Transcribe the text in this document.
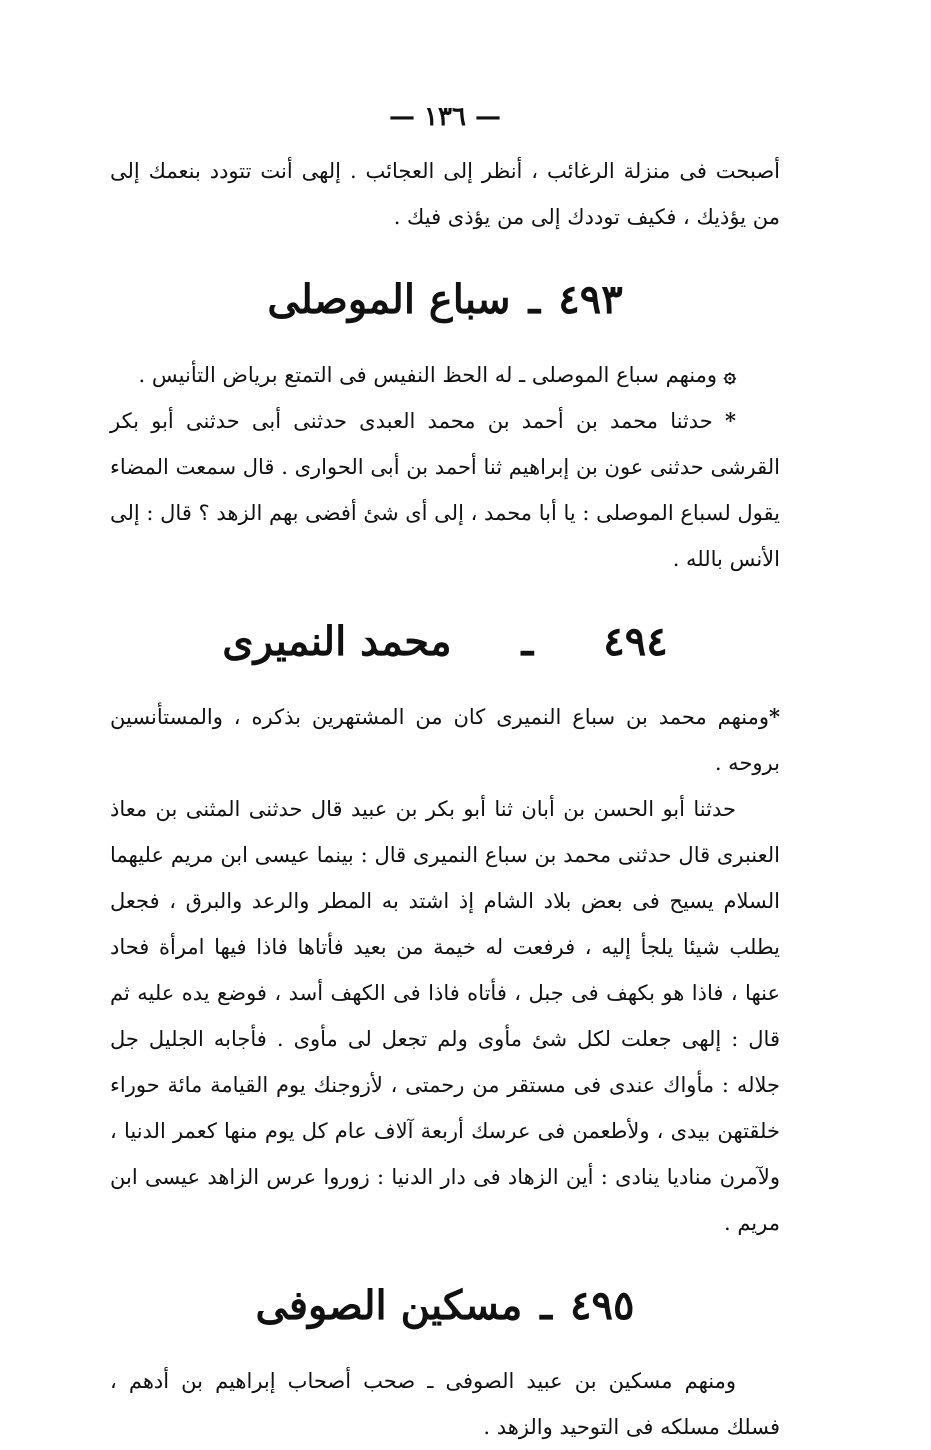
— ١٣٦ —

أصبحت فى منزلة الرغائب ، أنظر إلى العجائب . إلهى أنت تتودد بنعمك إلى من يؤذيك ، فكيف توددك إلى من يؤذى فيك .

٤٩٣ـسباع الموصلى

۞ ومنهم سباع الموصلى ـ له الحظ النفيس فى التمتع برياض التأنيس .

* حدثنا محمد بن أحمد بن محمد العبدى حدثنى أبى حدثنى أبو بكر القرشى حدثنى عون بن إبراهيم ثنا أحمد بن أبى الحوارى . قال سمعت المضاء يقول لسباع الموصلى : يا أبا محمد ، إلى أى شئ أفضى بهم الزهد ؟ قال : إلى الأنس بالله .

٤٩٤ـمحمد النميرى

*ومنهم محمد بن سباع النميرى كان من المشتهرين بذكره ، والمستأنسين بروحه .

حدثنا أبو الحسن بن أبان ثنا أبو بكر بن عبيد قال حدثنى المثنى بن معاذ العنبرى قال حدثنى محمد بن سباع النميرى قال : بينما عيسى ابن مريم عليهما السلام يسيح فى بعض بلاد الشام إذ اشتد به المطر والرعد والبرق ، فجعل يطلب شيئا يلجأ إليه ، فرفعت له خيمة من بعيد فأتاها فاذا فيها امرأة فحاد عنها ، فاذا هو بكهف فى جبل ، فأتاه فاذا فى الكهف أسد ، فوضع يده عليه ثم قال : إلهى جعلت لكل شئ مأوى ولم تجعل لى مأوى . فأجابه الجليل جل جلاله : مأواك عندى فى مستقر من رحمتى ، لأزوجنك يوم القيامة مائة حوراء خلقتهن بيدى ، ولأطعمن فى عرسك أربعة آلاف عام كل يوم منها كعمر الدنيا ، ولآمرن مناديا ينادى : أين الزهاد فى دار الدنيا : زوروا عرس الزاهد عيسى ابن مريم .

٤٩٥ـمسكين الصوفى

ومنهم مسكين بن عبيد الصوفى ـ صحب أصحاب إبراهيم بن أدهم ، فسلك مسلكه فى التوحيد والزهد .
